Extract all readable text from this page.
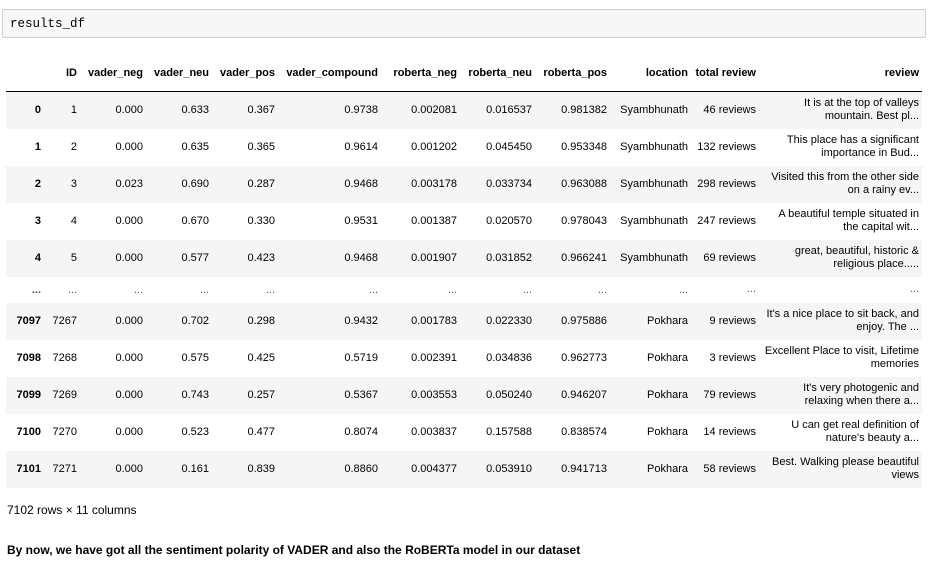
results_df
	ID	vader_neg	vader_neu	vader_pos	vader_compound	roberta_neg	roberta_neu	roberta_pos	location	total review	review
0	1	0.000	0.633	0.367	0.9738	0.002081	0.016537	0.981382	Syambhunath	46 reviews	It is at the top of valleys mountain. Best pl...
1	2	0.000	0.635	0.365	0.9614	0.001202	0.045450	0.953348	Syambhunath	132 reviews	This place has a significant importance in Bud...
2	3	0.023	0.690	0.287	0.9468	0.003178	0.033734	0.963088	Syambhunath	298 reviews	Visited this from the other side on a rainy ev...
3	4	0.000	0.670	0.330	0.9531	0.001387	0.020570	0.978043	Syambhunath	247 reviews	A beautiful temple situated in the capital wit...
4	5	0.000	0.577	0.423	0.9468	0.001907	0.031852	0.966241	Syambhunath	69 reviews	great, beautiful, historic & religious place.....
...	...	...	...	...	...	...	...	...	...	...	...
7097	7267	0.000	0.702	0.298	0.9432	0.001783	0.022330	0.975886	Pokhara	9 reviews	It's a nice place to sit back, and enjoy. The ...
7098	7268	0.000	0.575	0.425	0.5719	0.002391	0.034836	0.962773	Pokhara	3 reviews	Excellent Place to visit, Lifetime memories
7099	7269	0.000	0.743	0.257	0.5367	0.003553	0.050240	0.946207	Pokhara	79 reviews	It's very photogenic and relaxing when there a...
7100	7270	0.000	0.523	0.477	0.8074	0.003837	0.157588	0.838574	Pokhara	14 reviews	U can get real definition of nature's beauty a...
7101	7271	0.000	0.161	0.839	0.8860	0.004377	0.053910	0.941713	Pokhara	58 reviews	Best. Walking please beautiful views
7102 rows × 11 columns
By now, we have got all the sentiment polarity of VADER and also the RoBERTa model in our dataset
